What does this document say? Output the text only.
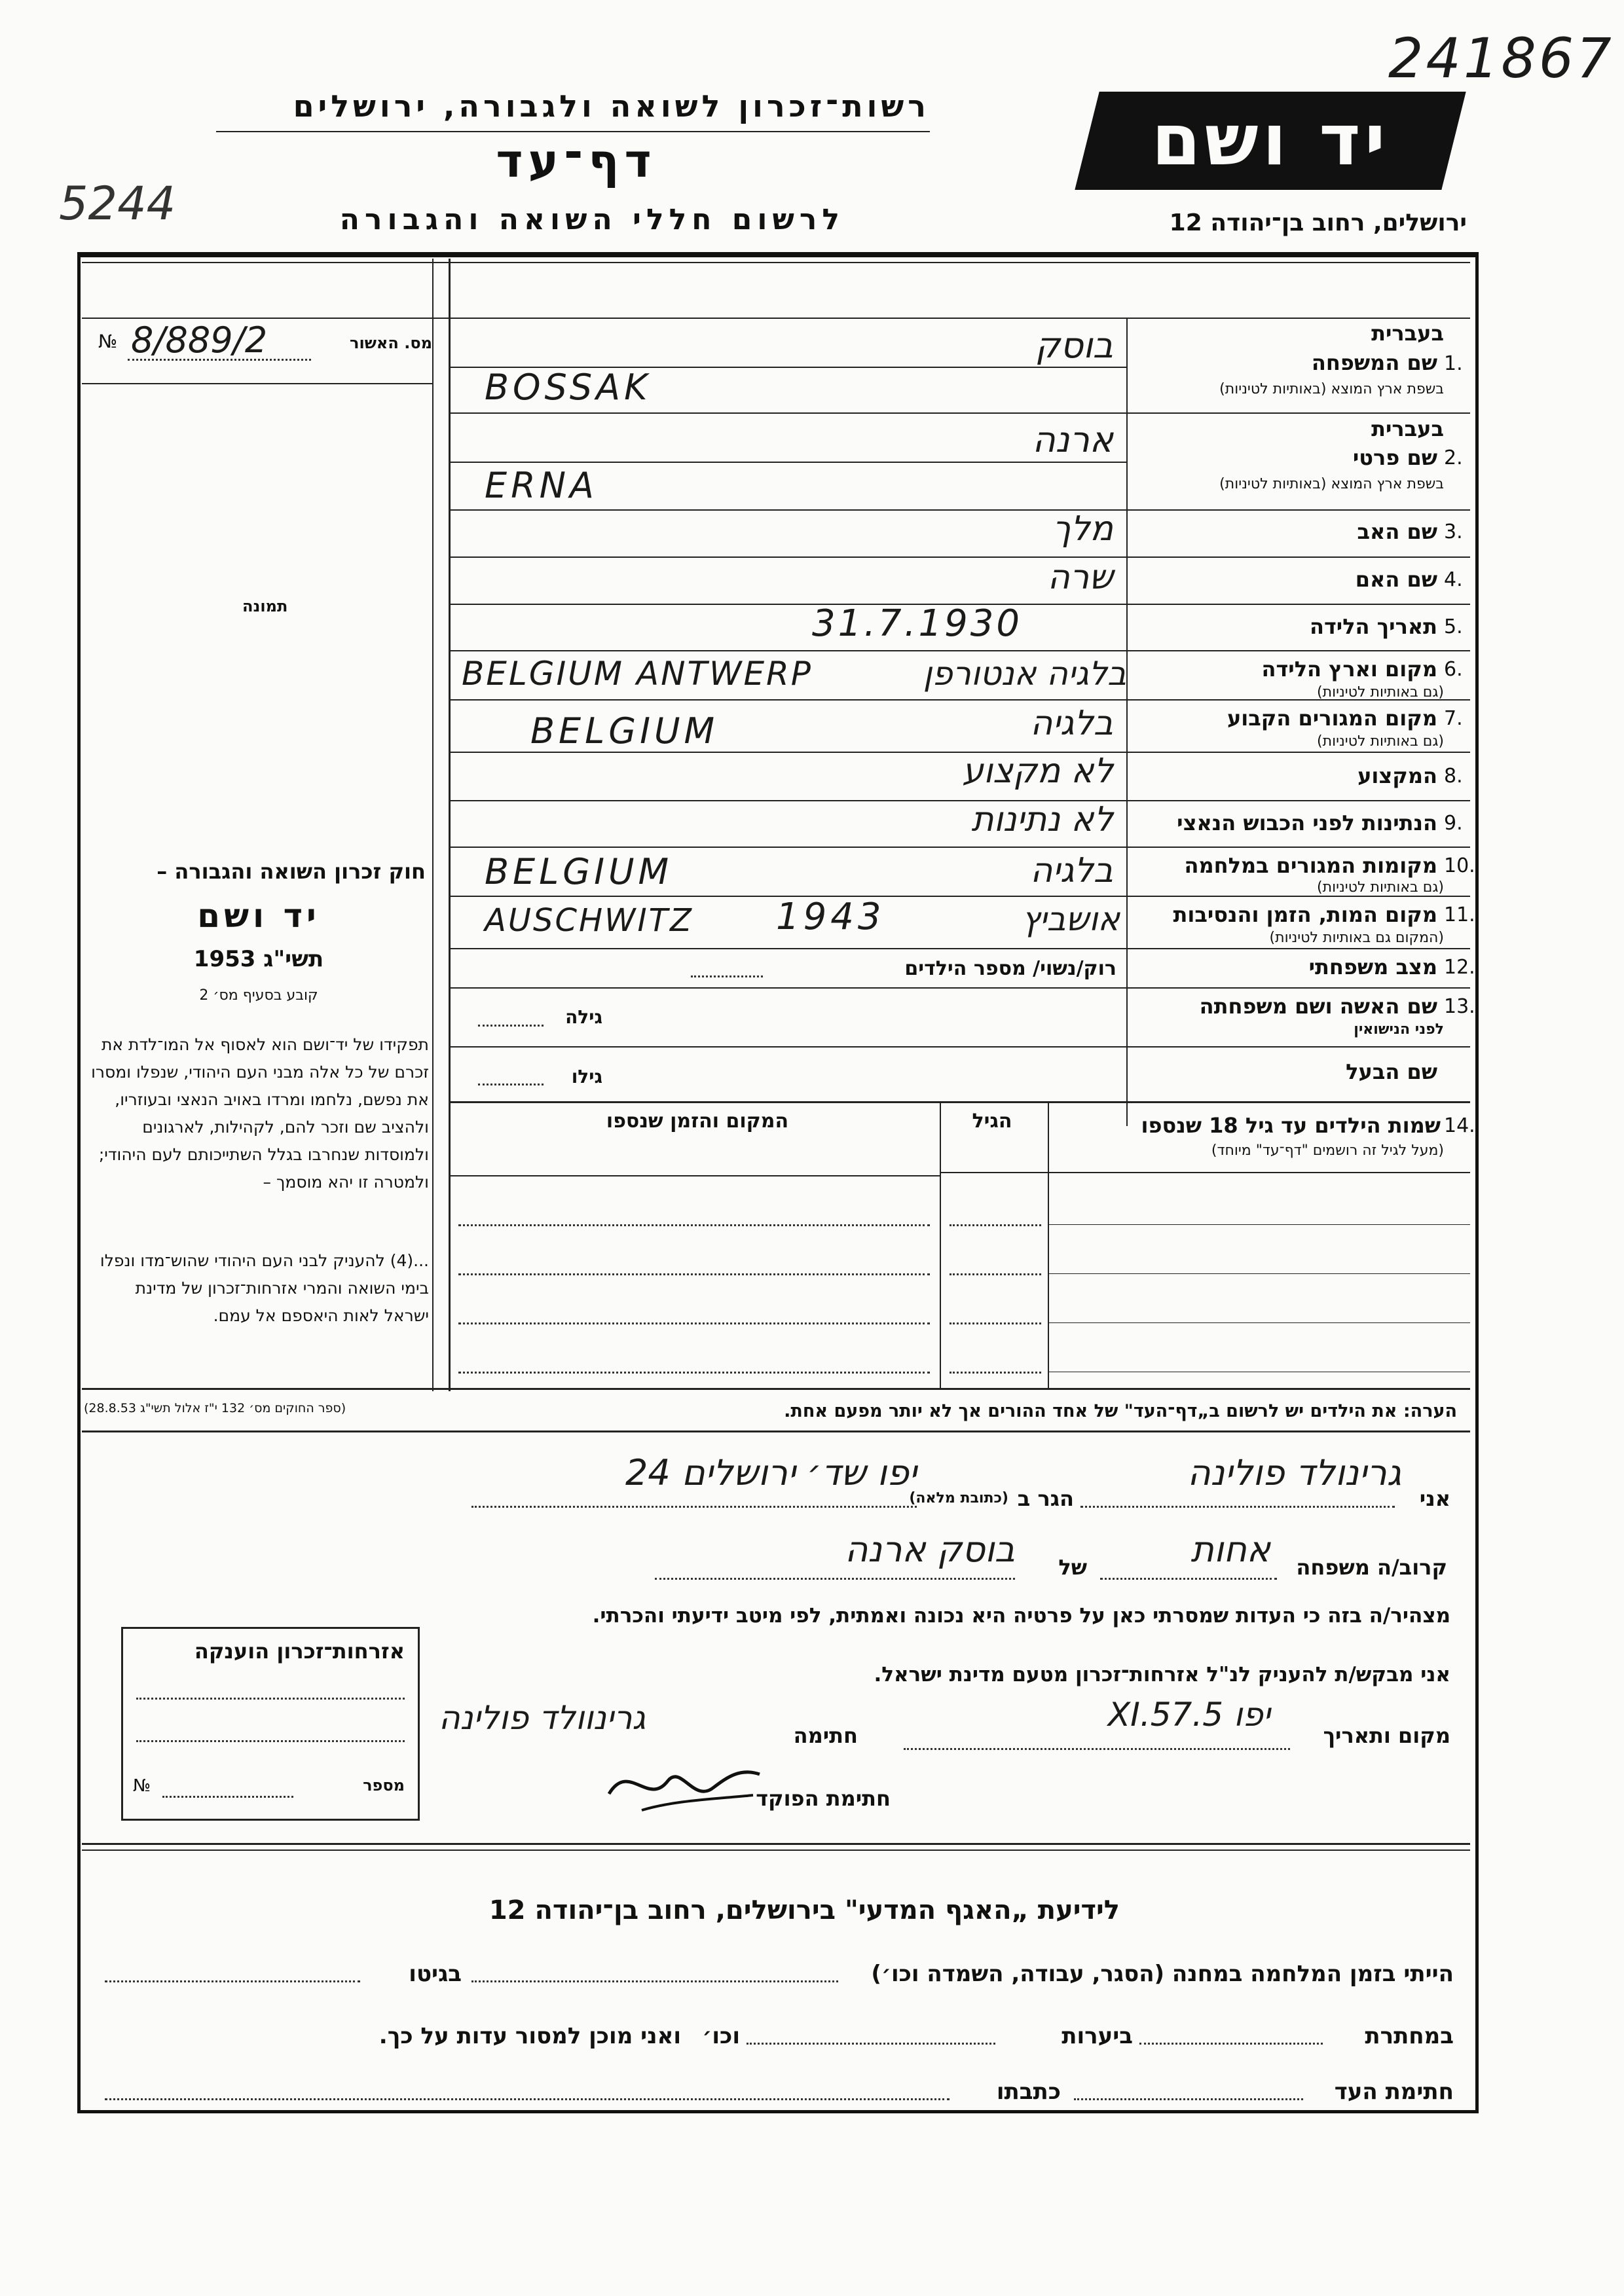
241867
5244
רשות־זכרון לשואה ולגבורה, ירושלים
דף־עד
לרשום חללי השואה והגבורה
יד ושם
ירושלים, רחוב בן־יהודה 12
מס. האשור
№ 8/889/2
תמונה
בעברית
1.
שם המשפחה
בשפת ארץ המוצא (באותיות לטיניות)
בוסק
BOSSAK
בעברית
2.
שם פרטי
בשפת ארץ המוצא (באותיות לטיניות)
ארנה
ERNA
3.
שם האב
מלך
4.
שם האם
שרה
5.
תאריך הלידה
31.7.1930
6.
מקום וארץ הלידה
(גם באותיות לטיניות)
BELGIUM ANTWERP	בלגיה אנטורפן
7.
מקום המגורים הקבוע
(גם באותיות לטיניות)
BELGIUM	בלגיה
8.
המקצוע
לא מקצוע
9.
הנתינות לפני הכבוש הנאצי
לא נתינות
10.
מקומות המגורים במלחמה
(גם באותיות לטיניות)
BELGIUM	בלגיה
11.
מקום המות, הזמן והנסיבות
(המקום גם באותיות לטיניות)
AUSCHWITZ 1943	אושביץ
12.
מצב משפחתי
רוק/נשוי/ מספר הילדים
13.
שם האשה ושם משפחתה
לפני הנישואין
גילה
שם הבעל
גילו
14.
שמות הילדים עד גיל 18 שנספו
(מעל לגיל זה רושמים "דף־עד" מיוחד)
הגיל
המקום והזמן שנספו
חוק זכרון השואה והגבורה –
יד ושם
תשי"ג 1953
קובע בסעיף מס׳ 2
תפקידו של יד־ושם הוא לאסוף אל המו־לדת את זכרם של כל אלה מבני העם היהודי, שנפלו ומסרו את נפשם, נלחמו ומרדו באויב הנאצי ובעוזריו, ולהציב שם וזכר להם, לקהילות, לארגונים ולמוסדות שנחרבו בגלל השתייכותם לעם היהודי; ולמטרה זו יהא מוסמך –
...(4) להעניק לבני העם היהודי שהוש־מדו ונפלו בימי השואה והמרי אזרחות־זכרון של מדינת ישראל לאות היאספם אל עמם.
(ספר החוקים מס׳ 132 י"ז אלול תשי"ג 28.8.53)	הערה: את הילדים יש לרשום ב„דף־העד" של אחד ההורים אך לא יותר מפעם אחת.
אני
גרינולד פולינה
הגר ב
(כתובת מלאה)
יפו שד׳ ירושלים 24
קרוב/ה משפחה
אחות
של
בוסק ארנה
מצהיר/ה בזה כי העדות שמסרתי כאן על פרטיה היא נכונה ואמתית, לפי מיטב ידיעתי והכרתי.
אני מבקש/ת להעניק לנ"ל אזרחות־זכרון מטעם מדינת ישראל.
מקום ותאריך
יפו 5.XI.57
חתימה
גרינוולד פולינה
חתימת הפוקד
אזרחות־זכרון הוענקה
№	מספר
לידיעת „האגף המדעי" בירושלים, רחוב בן־יהודה 12
הייתי בזמן המלחמה במחנה (הסגר, עבודה, השמדה וכו׳)
בגיטו
במחתרת
ביערות
וכו׳
ואני מוכן למסור עדות על כך.
חתימת העד
כתבתו
